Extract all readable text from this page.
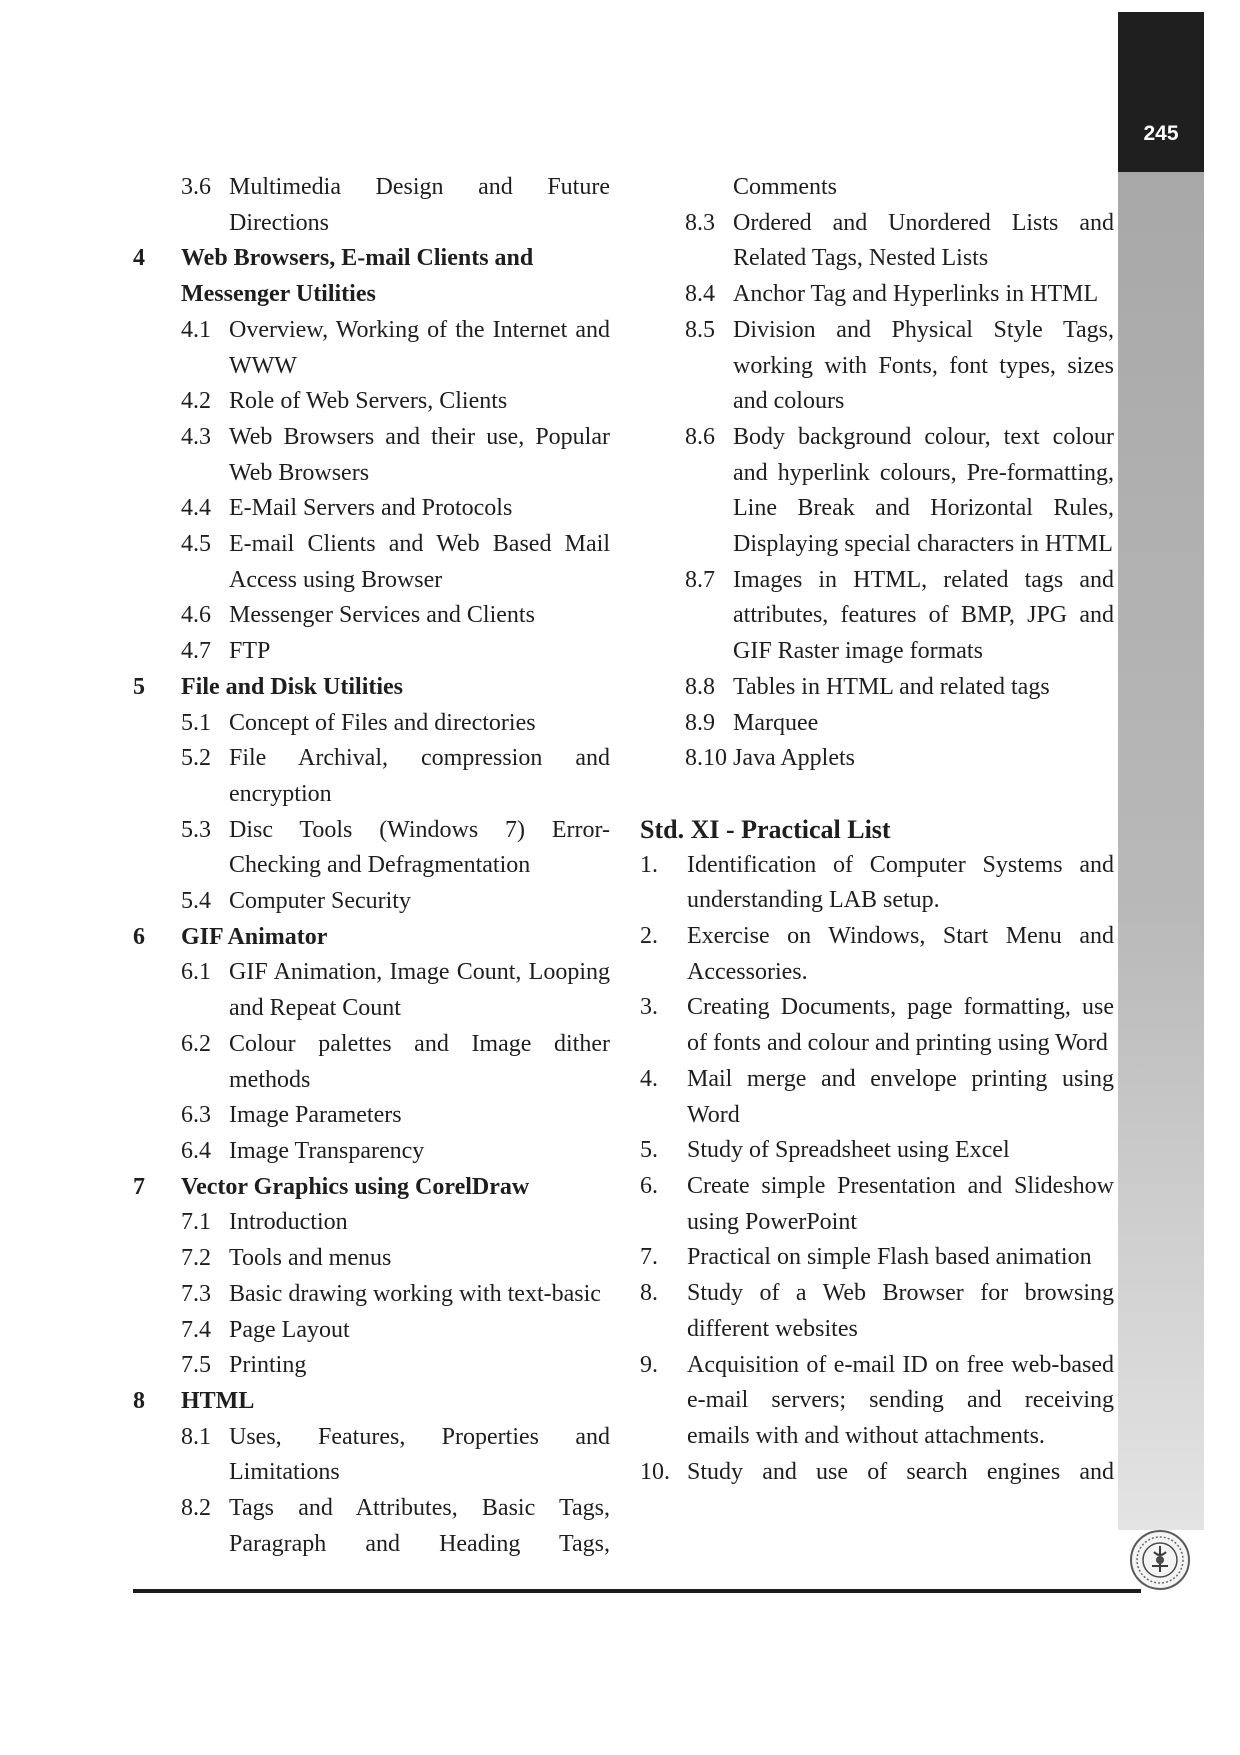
245
3.6 Multimedia Design and Future Directions
4 Web Browsers, E-mail Clients and Messenger Utilities
4.1 Overview, Working of the Internet and WWW
4.2 Role of Web Servers, Clients
4.3 Web Browsers and their use, Popular Web Browsers
4.4 E-Mail Servers and Protocols
4.5 E-mail Clients and Web Based Mail Access using Browser
4.6 Messenger Services and Clients
4.7 FTP
5 File and Disk Utilities
5.1 Concept of Files and directories
5.2 File Archival, compression and encryption
5.3 Disc Tools (Windows 7) Error-Checking and Defragmentation
5.4 Computer Security
6 GIF Animator
6.1 GIF Animation, Image Count, Looping and Repeat Count
6.2 Colour palettes and Image dither methods
6.3 Image Parameters
6.4 Image Transparency
7 Vector Graphics using CorelDraw
7.1 Introduction
7.2 Tools and menus
7.3 Basic drawing working with text-basic
7.4 Page Layout
7.5 Printing
8 HTML
8.1 Uses, Features, Properties and Limitations
8.2 Tags and Attributes, Basic Tags, Paragraph and Heading Tags,
Comments
8.3 Ordered and Unordered Lists and Related Tags, Nested Lists
8.4 Anchor Tag and Hyperlinks in HTML
8.5 Division and Physical Style Tags, working with Fonts, font types, sizes and colours
8.6 Body background colour, text colour and hyperlink colours, Pre-formatting, Line Break and Horizontal Rules, Displaying special characters in HTML
8.7 Images in HTML, related tags and attributes, features of BMP, JPG and GIF Raster image formats
8.8 Tables in HTML and related tags
8.9 Marquee
8.10 Java Applets
Std. XI - Practical List
1. Identification of Computer Systems and understanding LAB setup.
2. Exercise on Windows, Start Menu and Accessories.
3. Creating Documents, page formatting, use of fonts and colour and printing using Word
4. Mail merge and envelope printing using Word
5. Study of Spreadsheet using Excel
6. Create simple Presentation and Slideshow using PowerPoint
7. Practical on simple Flash based animation
8. Study of a Web Browser for browsing different websites
9. Acquisition of e-mail ID on free web-based e-mail servers; sending and receiving emails with and without attachments.
10. Study and use of search engines and
